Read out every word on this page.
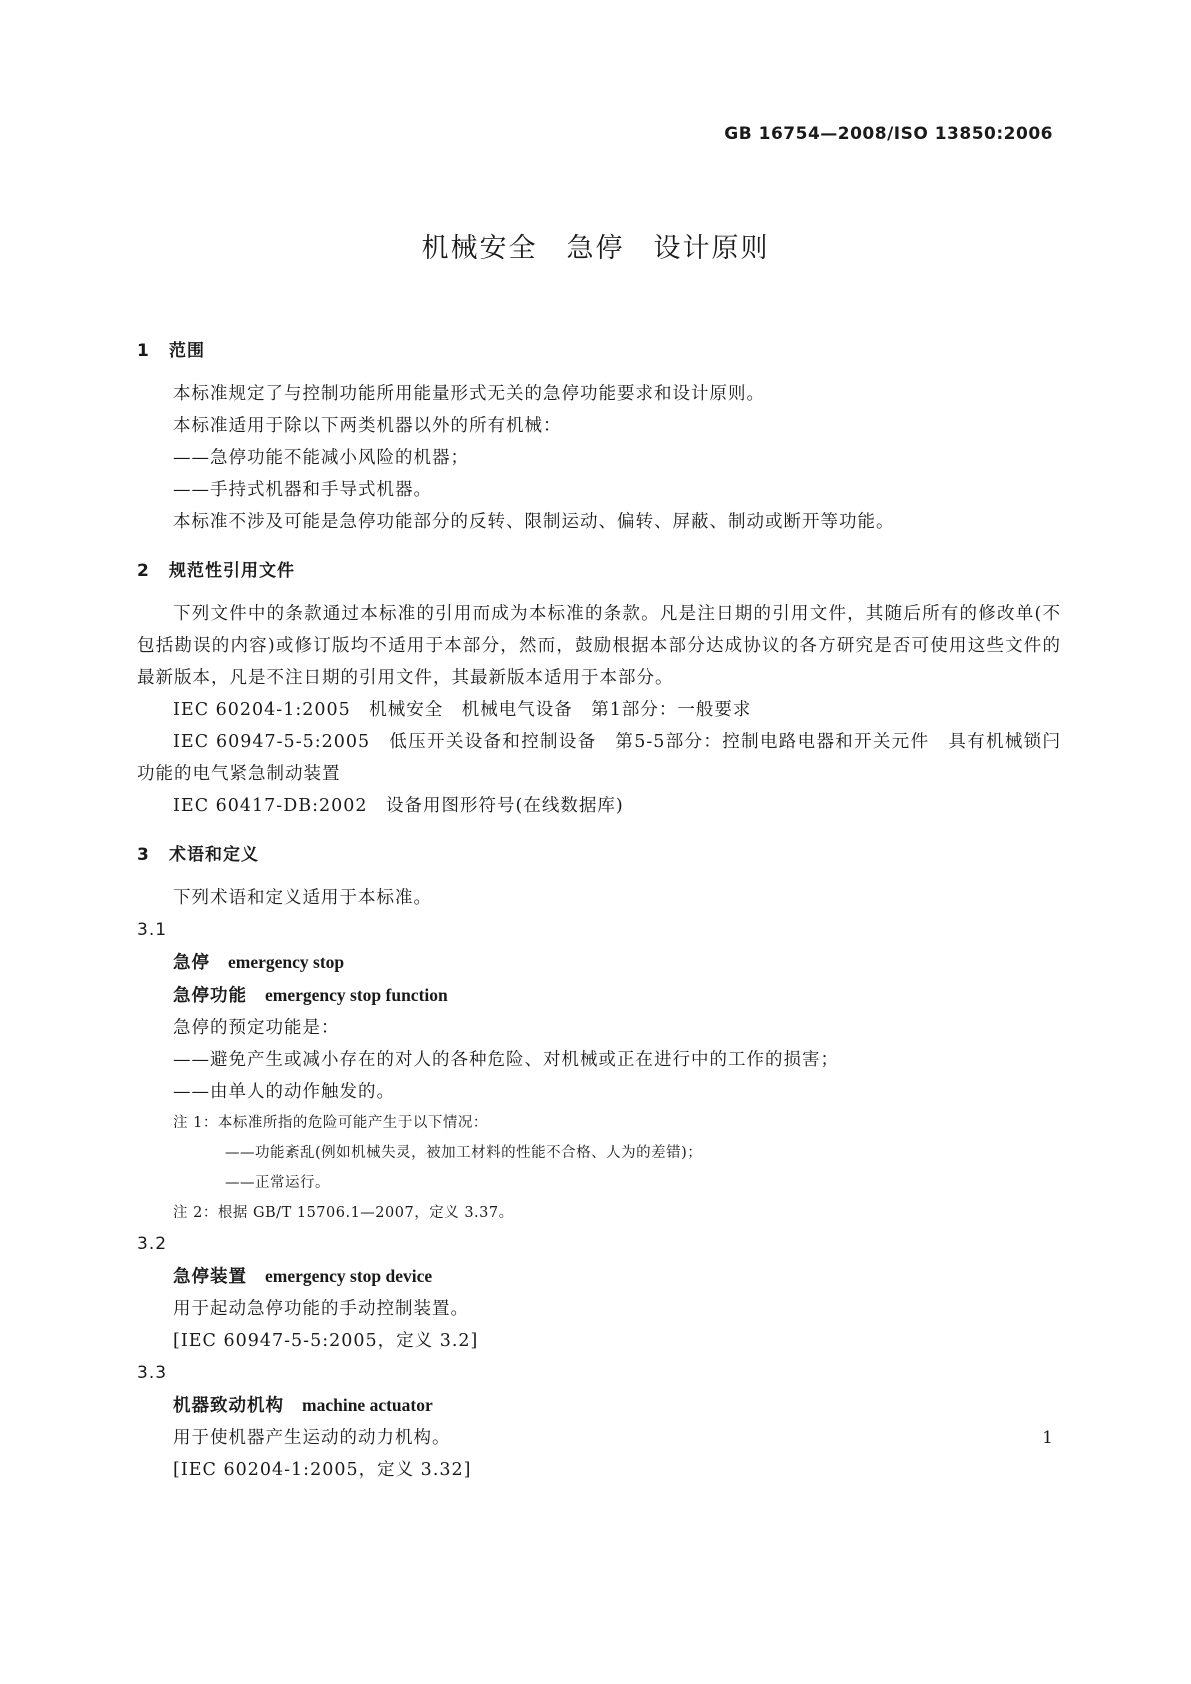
GB 16754—2008/ISO 13850:2006
机械安全　急停　设计原则
1 范围

本标准规定了与控制功能所用能量形式无关的急停功能要求和设计原则。

本标准适用于除以下两类机器以外的所有机械：

——急停功能不能减小风险的机器；
——手持式机器和手导式机器。

本标准不涉及可能是急停功能部分的反转、限制运动、偏转、屏蔽、制动或断开等功能。

2 规范性引用文件

下列文件中的条款通过本标准的引用而成为本标准的条款。凡是注日期的引用文件，其随后所有的修改单(不包括勘误的内容)或修订版均不适用于本部分，然而，鼓励根据本部分达成协议的各方研究是否可使用这些文件的最新版本，凡是不注日期的引用文件，其最新版本适用于本部分。

IEC 60204-1:2005　机械安全　机械电气设备　第1部分：一般要求

IEC 60947-5-5:2005　低压开关设备和控制设备　第5-5部分：控制电路电器和开关元件　具有机械锁闩功能的电气紧急制动装置

IEC 60417-DB:2002　设备用图形符号(在线数据库)

3 术语和定义

下列术语和定义适用于本标准。

3.1
急停 emergency stop
急停功能 emergency stop function
急停的预定功能是：
——避免产生或减小存在的对人的各种危险、对机械或正在进行中的工作的损害；
——由单人的动作触发的。
注 1：本标准所指的危险可能产生于以下情况：
——功能紊乱(例如机械失灵，被加工材料的性能不合格、人为的差错)；
——正常运行。
注 2：根据 GB/T 15706.1—2007，定义 3.37。
3.2
急停装置 emergency stop device
用于起动急停功能的手动控制装置。
[IEC 60947-5-5:2005，定义 3.2]
3.3
机器致动机构 machine actuator
用于使机器产生运动的动力机构。
[IEC 60204-1:2005，定义 3.32]
1
